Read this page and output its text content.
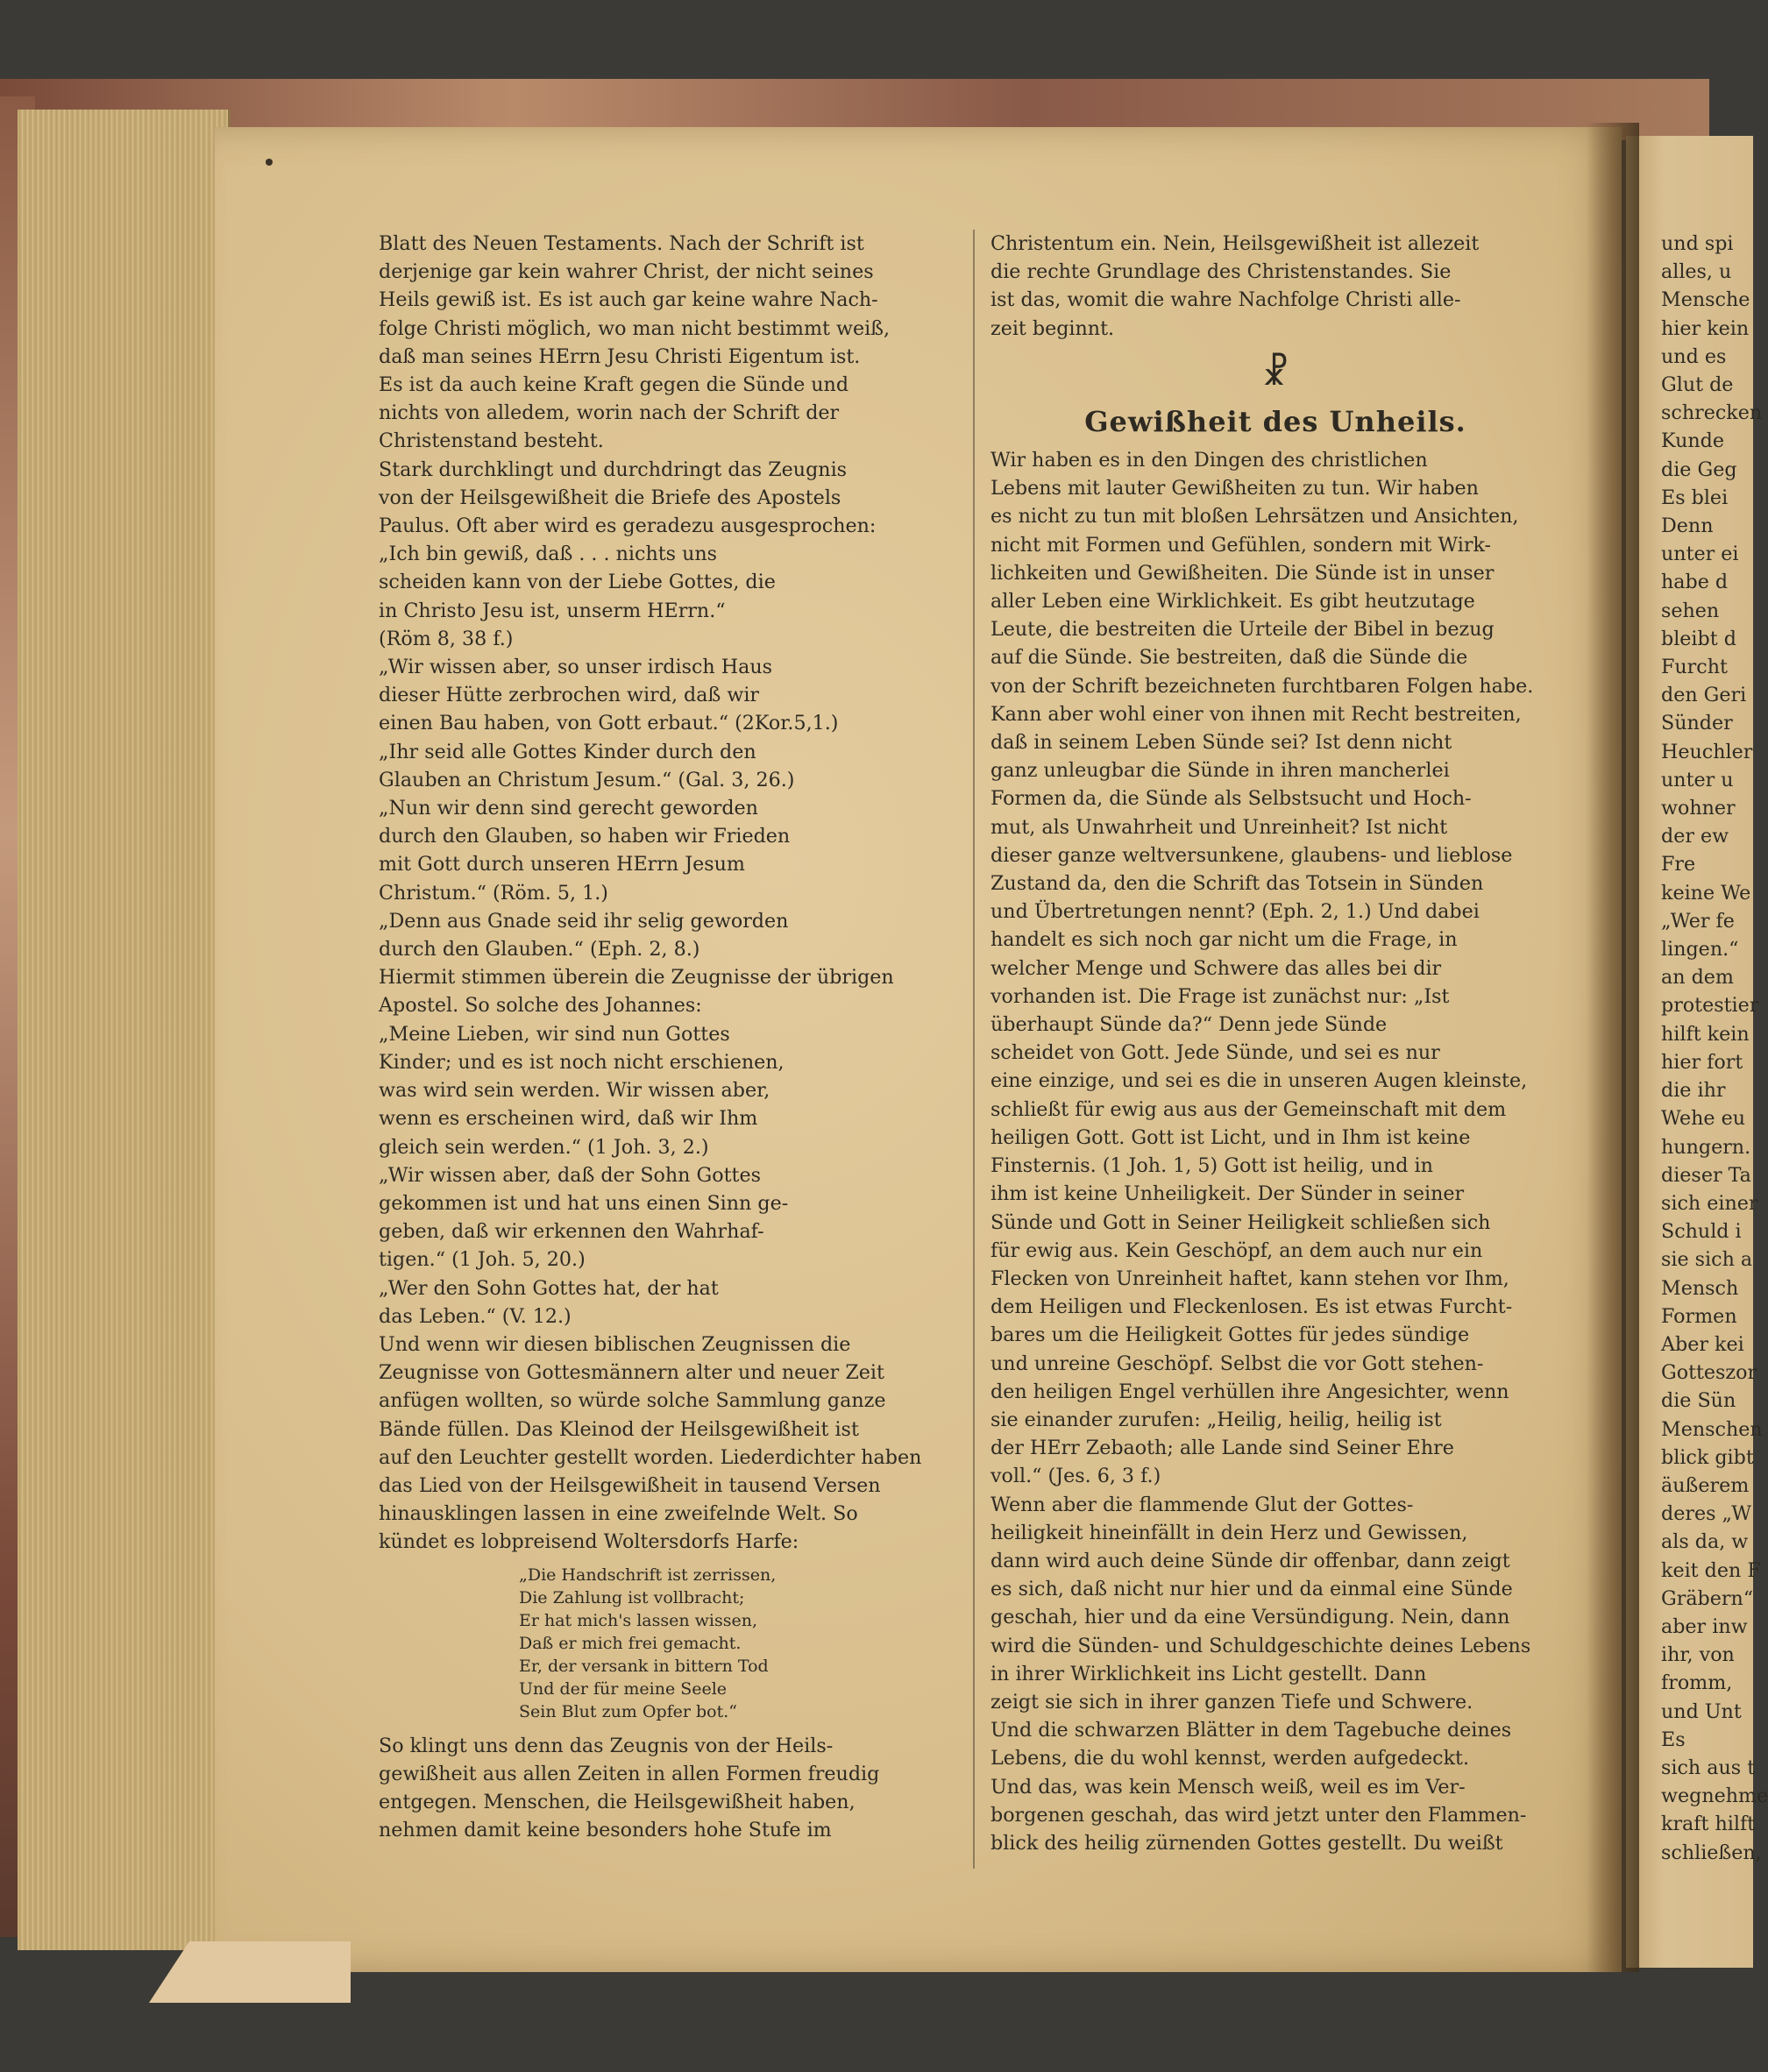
Blatt des Neuen Testaments. Nach der Schrift ist

derjenige gar kein wahrer Christ, der nicht seines

Heils gewiß ist. Es ist auch gar keine wahre Nach-

folge Christi möglich, wo man nicht bestimmt weiß,

daß man seines HErrn Jesu Christi Eigentum ist.

Es ist da auch keine Kraft gegen die Sünde und

nichts von alledem, worin nach der Schrift der

Christenstand besteht.

Stark durchklingt und durchdringt das Zeugnis

von der Heilsgewißheit die Briefe des Apostels

Paulus. Oft aber wird es geradezu ausgesprochen:

„Ich bin gewiß, daß . . . nichts uns

scheiden kann von der Liebe Gottes, die

in Christo Jesu ist, unserm HErrn.“

(Röm 8, 38 f.)

„Wir wissen aber, so unser irdisch Haus

dieser Hütte zerbrochen wird, daß wir

einen Bau haben, von Gott erbaut.“ (2Kor.5,1.)

„Ihr seid alle Gottes Kinder durch den

Glauben an Christum Jesum.“ (Gal. 3, 26.)

„Nun wir denn sind gerecht geworden

durch den Glauben, so haben wir Frieden

mit Gott durch unseren HErrn Jesum

Christum.“ (Röm. 5, 1.)

„Denn aus Gnade seid ihr selig geworden

durch den Glauben.“ (Eph. 2, 8.)

Hiermit stimmen überein die Zeugnisse der übrigen

Apostel. So solche des Johannes:

„Meine Lieben, wir sind nun Gottes

Kinder; und es ist noch nicht erschienen,

was wird sein werden. Wir wissen aber,

wenn es erscheinen wird, daß wir Ihm

gleich sein werden.“ (1 Joh. 3, 2.)

„Wir wissen aber, daß der Sohn Gottes

gekommen ist und hat uns einen Sinn ge-

geben, daß wir erkennen den Wahrhaf-

tigen.“ (1 Joh. 5, 20.)

„Wer den Sohn Gottes hat, der hat

das Leben.“ (V. 12.)

Und wenn wir diesen biblischen Zeugnissen die

Zeugnisse von Gottesmännern alter und neuer Zeit

anfügen wollten, so würde solche Sammlung ganze

Bände füllen. Das Kleinod der Heilsgewißheit ist

auf den Leuchter gestellt worden. Liederdichter haben

das Lied von der Heilsgewißheit in tausend Versen

hinausklingen lassen in eine zweifelnde Welt. So

kündet es lobpreisend Woltersdorfs Harfe:

„Die Handschrift ist zerrissen,

Die Zahlung ist vollbracht;

Er hat mich's lassen wissen,

Daß er mich frei gemacht.

Er, der versank in bittern Tod

Und der für meine Seele

Sein Blut zum Opfer bot.“

So klingt uns denn das Zeugnis von der Heils-

gewißheit aus allen Zeiten in allen Formen freudig

entgegen. Menschen, die Heilsgewißheit haben,

nehmen damit keine besonders hohe Stufe im

Christentum ein. Nein, Heilsgewißheit ist allezeit

die rechte Grundlage des Christenstandes. Sie

ist das, womit die wahre Nachfolge Christi alle-

zeit beginnt.

☧

Gewißheit des Unheils.

Wir haben es in den Dingen des christlichen

Lebens mit lauter Gewißheiten zu tun. Wir haben

es nicht zu tun mit bloßen Lehrsätzen und Ansichten,

nicht mit Formen und Gefühlen, sondern mit Wirk-

lichkeiten und Gewißheiten. Die Sünde ist in unser

aller Leben eine Wirklichkeit. Es gibt heutzutage

Leute, die bestreiten die Urteile der Bibel in bezug

auf die Sünde. Sie bestreiten, daß die Sünde die

von der Schrift bezeichneten furchtbaren Folgen habe.

Kann aber wohl einer von ihnen mit Recht bestreiten,

daß in seinem Leben Sünde sei? Ist denn nicht

ganz unleugbar die Sünde in ihren mancherlei

Formen da, die Sünde als Selbstsucht und Hoch-

mut, als Unwahrheit und Unreinheit? Ist nicht

dieser ganze weltversunkene, glaubens- und lieblose

Zustand da, den die Schrift das Totsein in Sünden

und Übertretungen nennt? (Eph. 2, 1.) Und dabei

handelt es sich noch gar nicht um die Frage, in

welcher Menge und Schwere das alles bei dir

vorhanden ist. Die Frage ist zunächst nur: „Ist

überhaupt Sünde da?“ Denn jede Sünde

scheidet von Gott. Jede Sünde, und sei es nur

eine einzige, und sei es die in unseren Augen kleinste,

schließt für ewig aus aus der Gemeinschaft mit dem

heiligen Gott. Gott ist Licht, und in Ihm ist keine

Finsternis. (1 Joh. 1, 5) Gott ist heilig, und in

ihm ist keine Unheiligkeit. Der Sünder in seiner

Sünde und Gott in Seiner Heiligkeit schließen sich

für ewig aus. Kein Geschöpf, an dem auch nur ein

Flecken von Unreinheit haftet, kann stehen vor Ihm,

dem Heiligen und Fleckenlosen. Es ist etwas Furcht-

bares um die Heiligkeit Gottes für jedes sündige

und unreine Geschöpf. Selbst die vor Gott stehen-

den heiligen Engel verhüllen ihre Angesichter, wenn

sie einander zurufen: „Heilig, heilig, heilig ist

der HErr Zebaoth; alle Lande sind Seiner Ehre

voll.“ (Jes. 6, 3 f.)

Wenn aber die flammende Glut der Gottes-

heiligkeit hineinfällt in dein Herz und Gewissen,

dann wird auch deine Sünde dir offenbar, dann zeigt

es sich, daß nicht nur hier und da einmal eine Sünde

geschah, hier und da eine Versündigung. Nein, dann

wird die Sünden- und Schuldgeschichte deines Lebens

in ihrer Wirklichkeit ins Licht gestellt. Dann

zeigt sie sich in ihrer ganzen Tiefe und Schwere.

Und die schwarzen Blätter in dem Tagebuche deines

Lebens, die du wohl kennst, werden aufgedeckt.

Und das, was kein Mensch weiß, weil es im Ver-

borgenen geschah, das wird jetzt unter den Flammen-

blick des heilig zürnenden Gottes gestellt. Du weißt

und spi

alles, u

Mensche

hier kein

und es

Glut de

schrecken

Kunde

die Geg

Es blei

Denn

unter ei

habe d

sehen

bleibt d

Furcht

den Geri

Sünder

Heuchler

unter u

wohner

der ew

Fre

keine We

„Wer fe

lingen.“

an dem

protestier

hilft kein

hier fort

die ihr

Wehe eu

hungern.

dieser Ta

sich einer

Schuld i

sie sich a

Mensch

Formen

Aber kei

Gotteszor

die Sün

Menschen

blick gibt

äußerem

deres „W

als da, w

keit den F

Gräbern“

aber inw

ihr, von

fromm,

und Unt

Es

sich aus t

wegnehme

kraft hilft

schließen,
